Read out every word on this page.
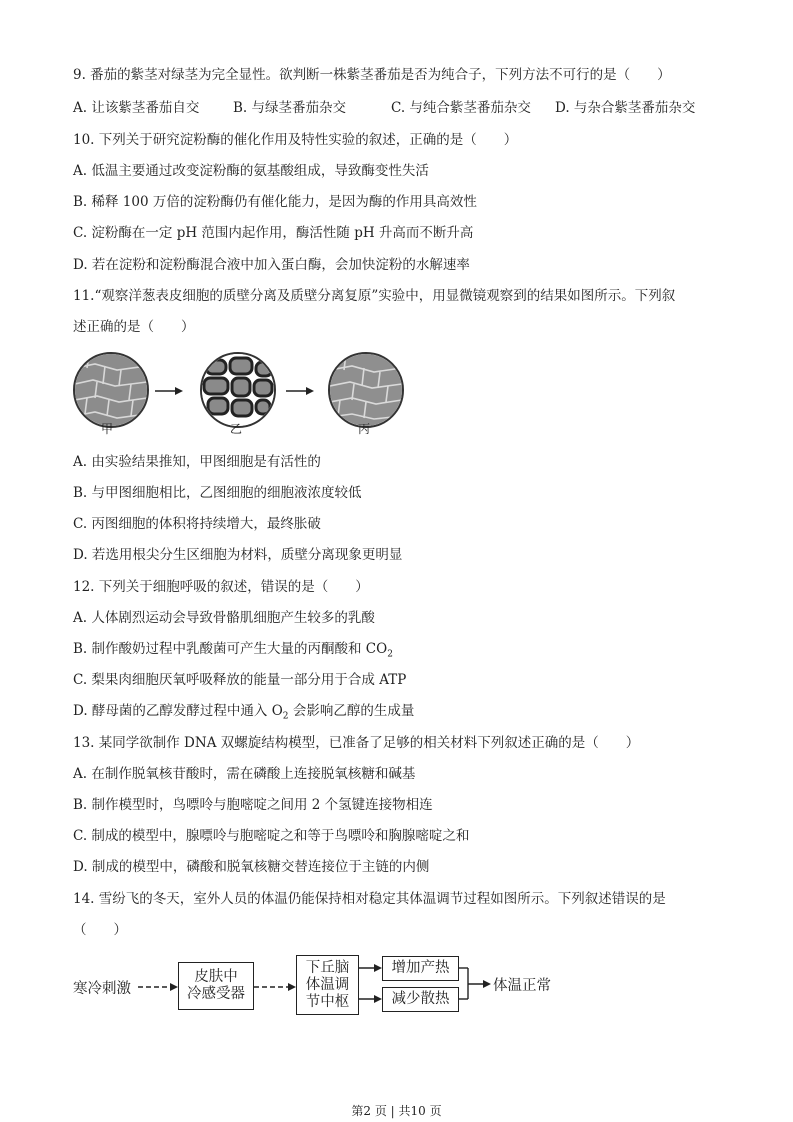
9. 番茄的紫茎对绿茎为完全显性。欲判断一株紫茎番茄是否为纯合子，下列方法不可行的是（　　）
A. 让该紫茎番茄自交 B. 与绿茎番茄杂交	C. 与纯合紫茎番茄杂交 D. 与杂合紫茎番茄杂交
10. 下列关于研究淀粉酶的催化作用及特性实验的叙述，正确的是（　　）
A. 低温主要通过改变淀粉酶的氨基酸组成，导致酶变性失活
B. 稀释 100 万倍的淀粉酶仍有催化能力，是因为酶的作用具高效性
C. 淀粉酶在一定 pH 范围内起作用，酶活性随 pH 升高而不断升高
D. 若在淀粉和淀粉酶混合液中加入蛋白酶，会加快淀粉的水解速率
11.“观察洋葱表皮细胞的质壁分离及质壁分离复原”实验中，用显微镜观察到的结果如图所示。下列叙
述正确的是（　　）
甲	乙	丙
A. 由实验结果推知，甲图细胞是有活性的
B. 与甲图细胞相比，乙图细胞的细胞液浓度较低
C. 丙图细胞的体积将持续增大，最终胀破
D. 若选用根尖分生区细胞为材料，质壁分离现象更明显
12. 下列关于细胞呼吸的叙述，错误的是（　　）
A. 人体剧烈运动会导致骨骼肌细胞产生较多的乳酸
B. 制作酸奶过程中乳酸菌可产生大量的丙酮酸和 $CO_2$
C. 梨果肉细胞厌氧呼吸释放的能量一部分用于合成 ATP
D. 酵母菌的乙醇发酵过程中通入 $O_2$ 会影响乙醇的生成量
13. 某同学欲制作 DNA 双螺旋结构模型，已准备了足够的相关材料下列叙述正确的是（　　）
A. 在制作脱氧核苷酸时，需在磷酸上连接脱氧核糖和碱基
B. 制作模型时，鸟嘌呤与胞嘧啶之间用 2 个氢键连接物相连
C. 制成的模型中，腺嘌呤与胞嘧啶之和等于鸟嘌呤和胸腺嘧啶之和
D. 制成的模型中，磷酸和脱氧核糖交替连接位于主链的内侧
14. 雪纷飞的冬天，室外人员的体温仍能保持相对稳定其体温调节过程如图所示。下列叙述错误的是
（　　）
寒冷刺激
皮肤中
冷感受器
下丘脑
体温调
节中枢
增加产热
减少散热
体温正常
第2 页 | 共10 页
